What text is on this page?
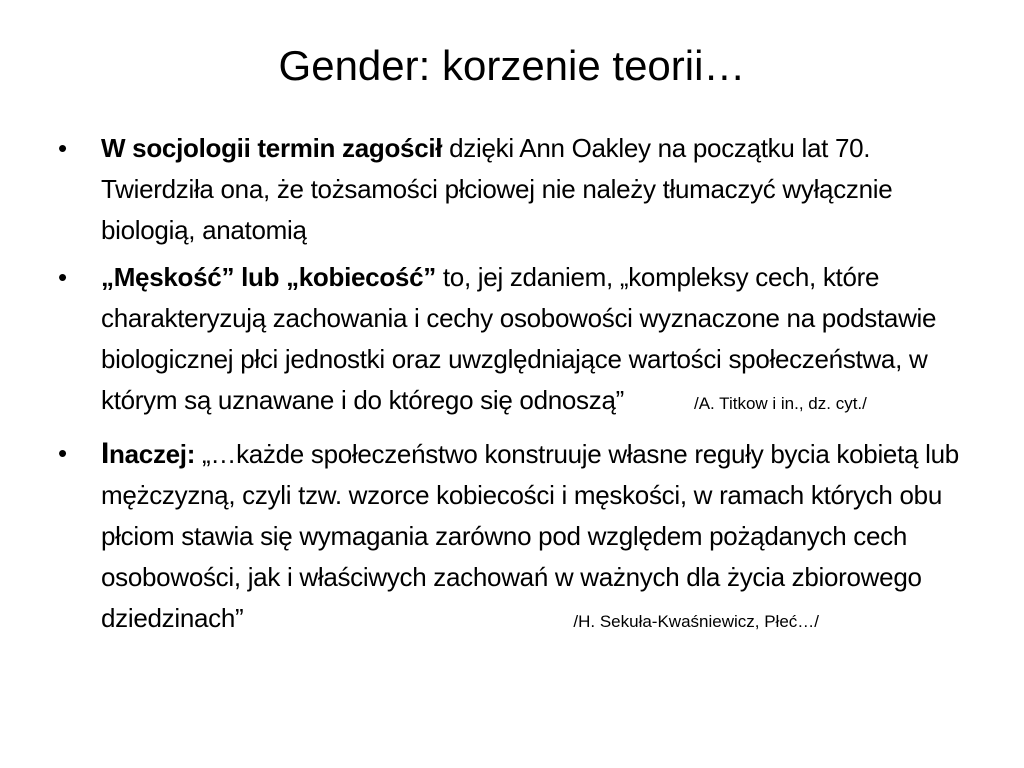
Gender: korzenie teorii…
• W socjologii termin zagościł dzięki Ann Oakley na początku lat 70. Twierdziła ona, że tożsamości płciowej nie należy tłumaczyć wyłącznie biologią, anatomią
• „Męskość” lub „kobiecość” to, jej zdaniem, „kompleksy cech, które charakteryzują zachowania i cechy osobowości wyznaczone na podstawie biologicznej płci jednostki oraz uwzględniające wartości społeczeństwa, w którym są uznawane i do którego się odnoszą”	/A. Titkow i in., dz. cyt./
• Inaczej: „…każde społeczeństwo konstruuje własne reguły bycia kobietą lub mężczyzną, czyli tzw. wzorce kobiecości i męskości, w ramach których obu płciom stawia się wymagania zarówno pod względem pożądanych cech osobowości, jak i właściwych zachowań w ważnych dla życia zbiorowego dziedzinach”	/H. Sekuła-Kwaśniewicz, Płeć…/
